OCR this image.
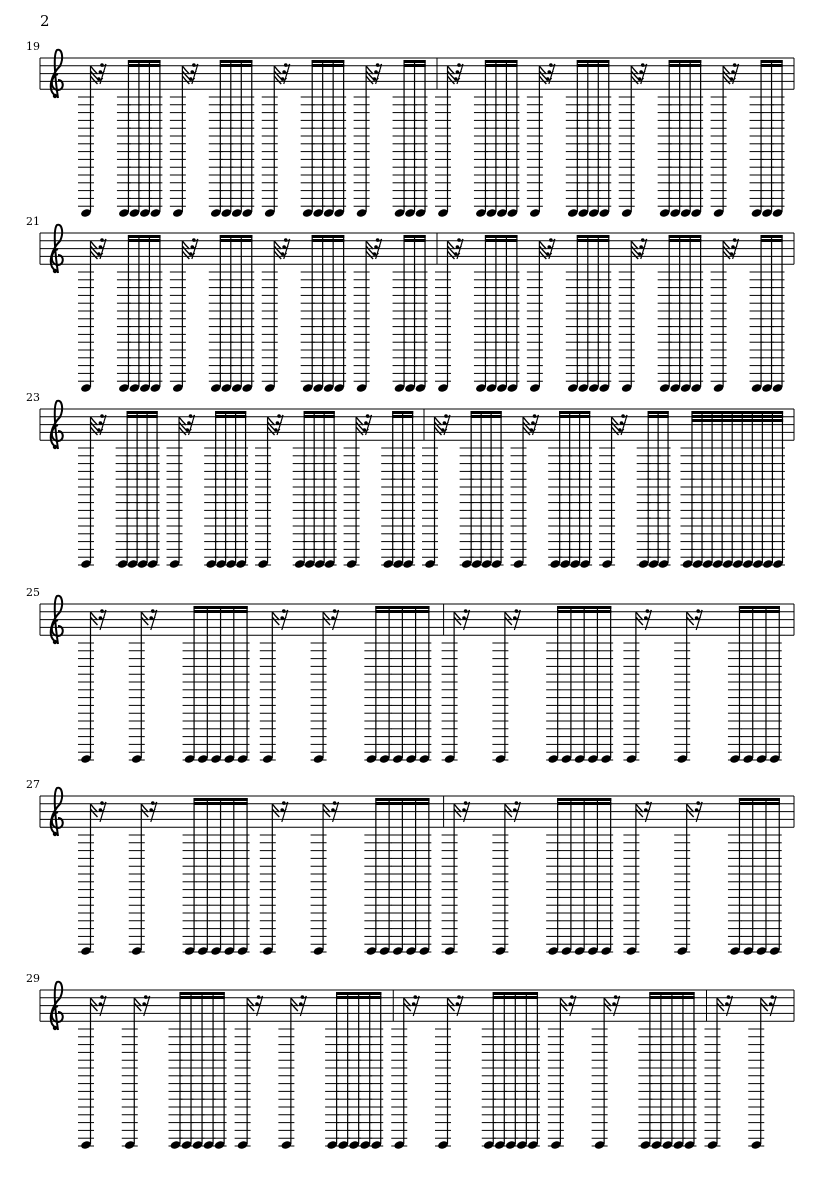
2
19
21
23
25
27
29
